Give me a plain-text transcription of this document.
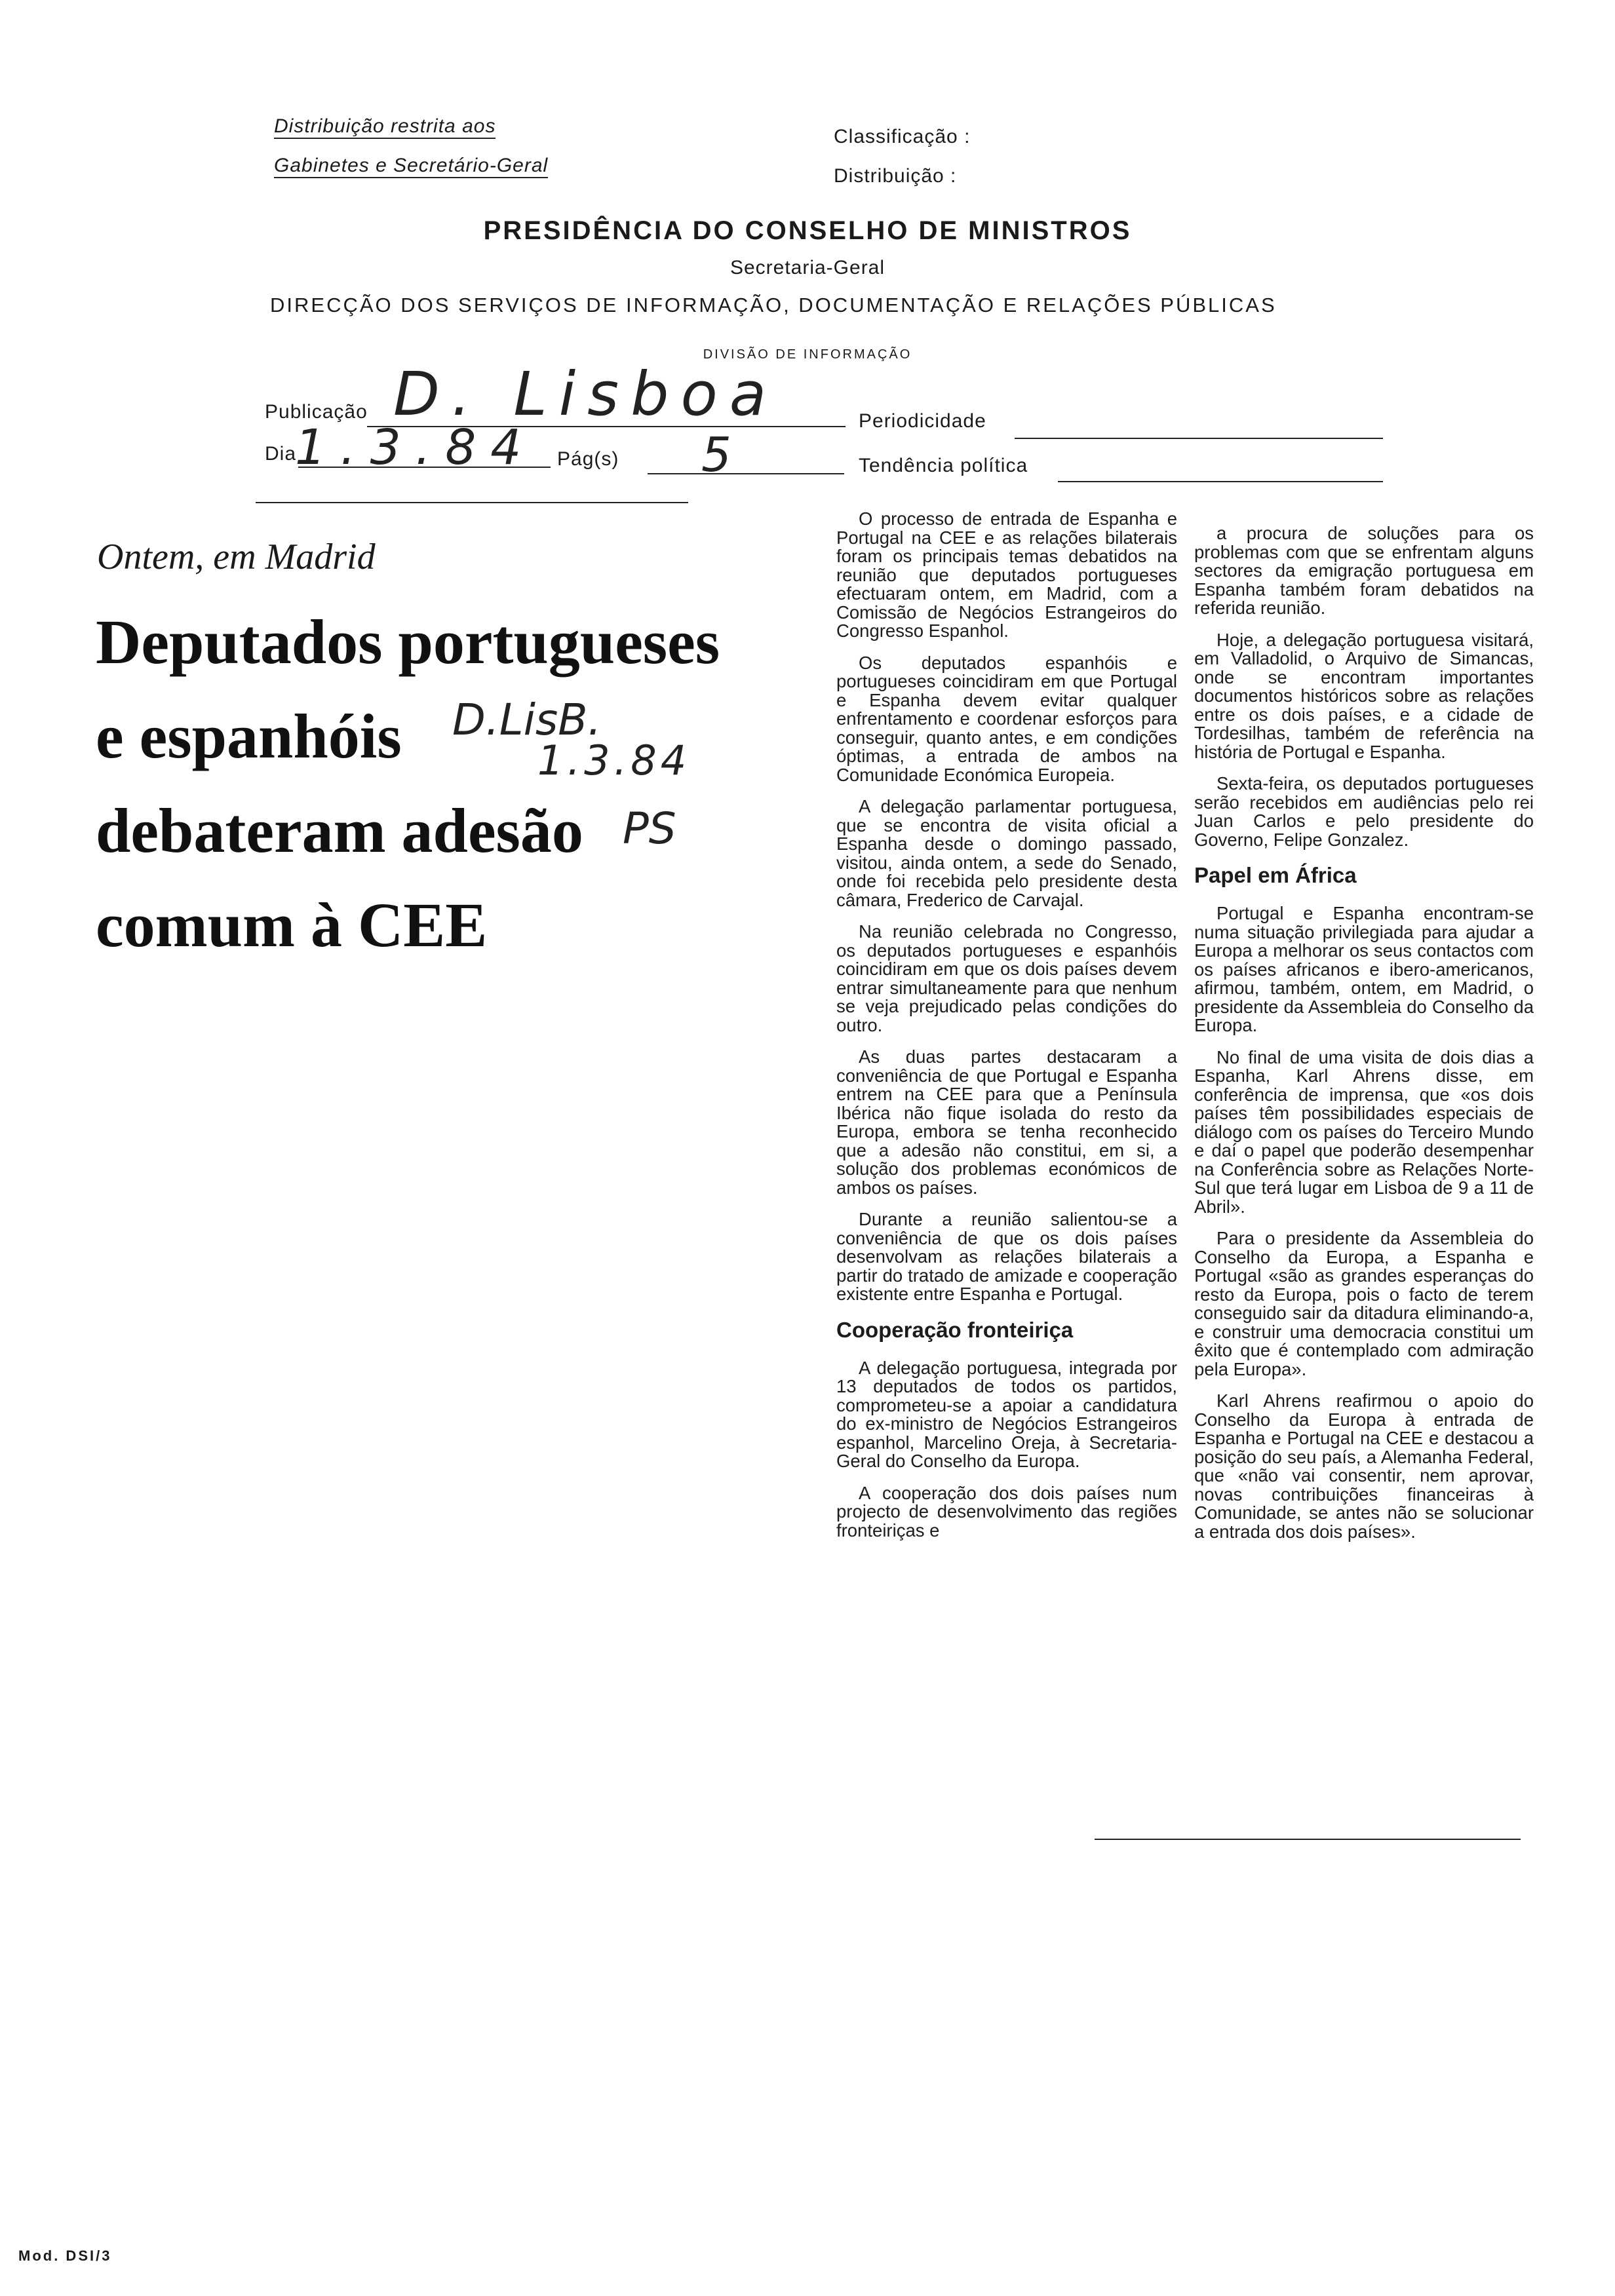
Distribuição restrita aos
Gabinetes e Secretário-Geral
Classificação :
Distribuição :
PRESIDÊNCIA DO CONSELHO DE MINISTROS
Secretaria-Geral
DIRECÇÃO DOS SERVIÇOS DE INFORMAÇÃO, DOCUMENTAÇÃO E RELAÇÕES PÚBLICAS
DIVISÃO DE INFORMAÇÃO
Publicação D. Lisboa
Dia
1.3.84 Pág(s) 5
Periodicidade
Tendência política
Ontem, em Madrid
Deputados portugueses
e espanhóis
debateram adesão
comum à CEE
D.LisB.
1.3.84
PS

O processo de entrada de Espanha e Portugal na CEE e as relações bilaterais foram os principais temas debatidos na reunião que deputados portugueses efectuaram ontem, em Madrid, com a Comissão de Negócios Estrangeiros do Congresso Espanhol.

Os deputados espanhóis e portugueses coincidiram em que Portugal e Espanha devem evitar qualquer enfrentamento e coordenar esforços para conseguir, quanto antes, e em condições óptimas, a entrada de ambos na Comunidade Económica Europeia.

A delegação parlamentar portuguesa, que se encontra de visita oficial a Espanha desde o domingo passado, visitou, ainda ontem, a sede do Senado, onde foi recebida pelo presidente desta câmara, Frederico de Carvajal.

Na reunião celebrada no Congresso, os deputados portugueses e espanhóis coincidiram em que os dois países devem entrar simultaneamente para que nenhum se veja prejudicado pelas condições do outro.

As duas partes destacaram a conveniência de que Portugal e Espanha entrem na CEE para que a Península Ibérica não fique isolada do resto da Europa, embora se tenha reconhecido que a adesão não constitui, em si, a solução dos problemas económicos de ambos os países.

Durante a reunião salientou-se a conveniência de que os dois países desenvolvam as relações bilaterais a partir do tratado de amizade e cooperação existente entre Espanha e Portugal.

Cooperação fronteiriça

A delegação portuguesa, integrada por 13 deputados de todos os partidos, comprometeu-se a apoiar a candidatura do ex-ministro de Negócios Estrangeiros espanhol, Marcelino Oreja, à Secretaria-Geral do Conselho da Europa.

A cooperação dos dois países num projecto de desenvolvimento das regiões fronteiriças e

a procura de soluções para os problemas com que se enfrentam alguns sectores da emigração portuguesa em Espanha também foram debatidos na referida reunião.

Hoje, a delegação portuguesa visitará, em Valladolid, o Arquivo de Simancas, onde se encontram importantes documentos históricos sobre as relações entre os dois países, e a cidade de Tordesilhas, também de referência na história de Portugal e Espanha.

Sexta-feira, os deputados portugueses serão recebidos em audiências pelo rei Juan Carlos e pelo presidente do Governo, Felipe Gonzalez.

Papel em África

Portugal e Espanha encontram-se numa situação privilegiada para ajudar a Europa a melhorar os seus contactos com os países africanos e ibero-americanos, afirmou, também, ontem, em Madrid, o presidente da Assembleia do Conselho da Europa.

No final de uma visita de dois dias a Espanha, Karl Ahrens disse, em conferência de imprensa, que «os dois países têm possibilidades especiais de diálogo com os países do Terceiro Mundo e daí o papel que poderão desempenhar na Conferência sobre as Relações Norte-Sul que terá lugar em Lisboa de 9 a 11 de Abril».

Para o presidente da Assembleia do Conselho da Europa, a Espanha e Portugal «são as grandes esperanças do resto da Europa, pois o facto de terem conseguido sair da ditadura eliminando-a, e construir uma democracia constitui um êxito que é contemplado com admiração pela Europa».

Karl Ahrens reafirmou o apoio do Conselho da Europa à entrada de Espanha e Portugal na CEE e destacou a posição do seu país, a Alemanha Federal, que «não vai consentir, nem aprovar, novas contribuições financeiras à Comunidade, se antes não se solucionar a entrada dos dois países».

Mod. DSI/3
